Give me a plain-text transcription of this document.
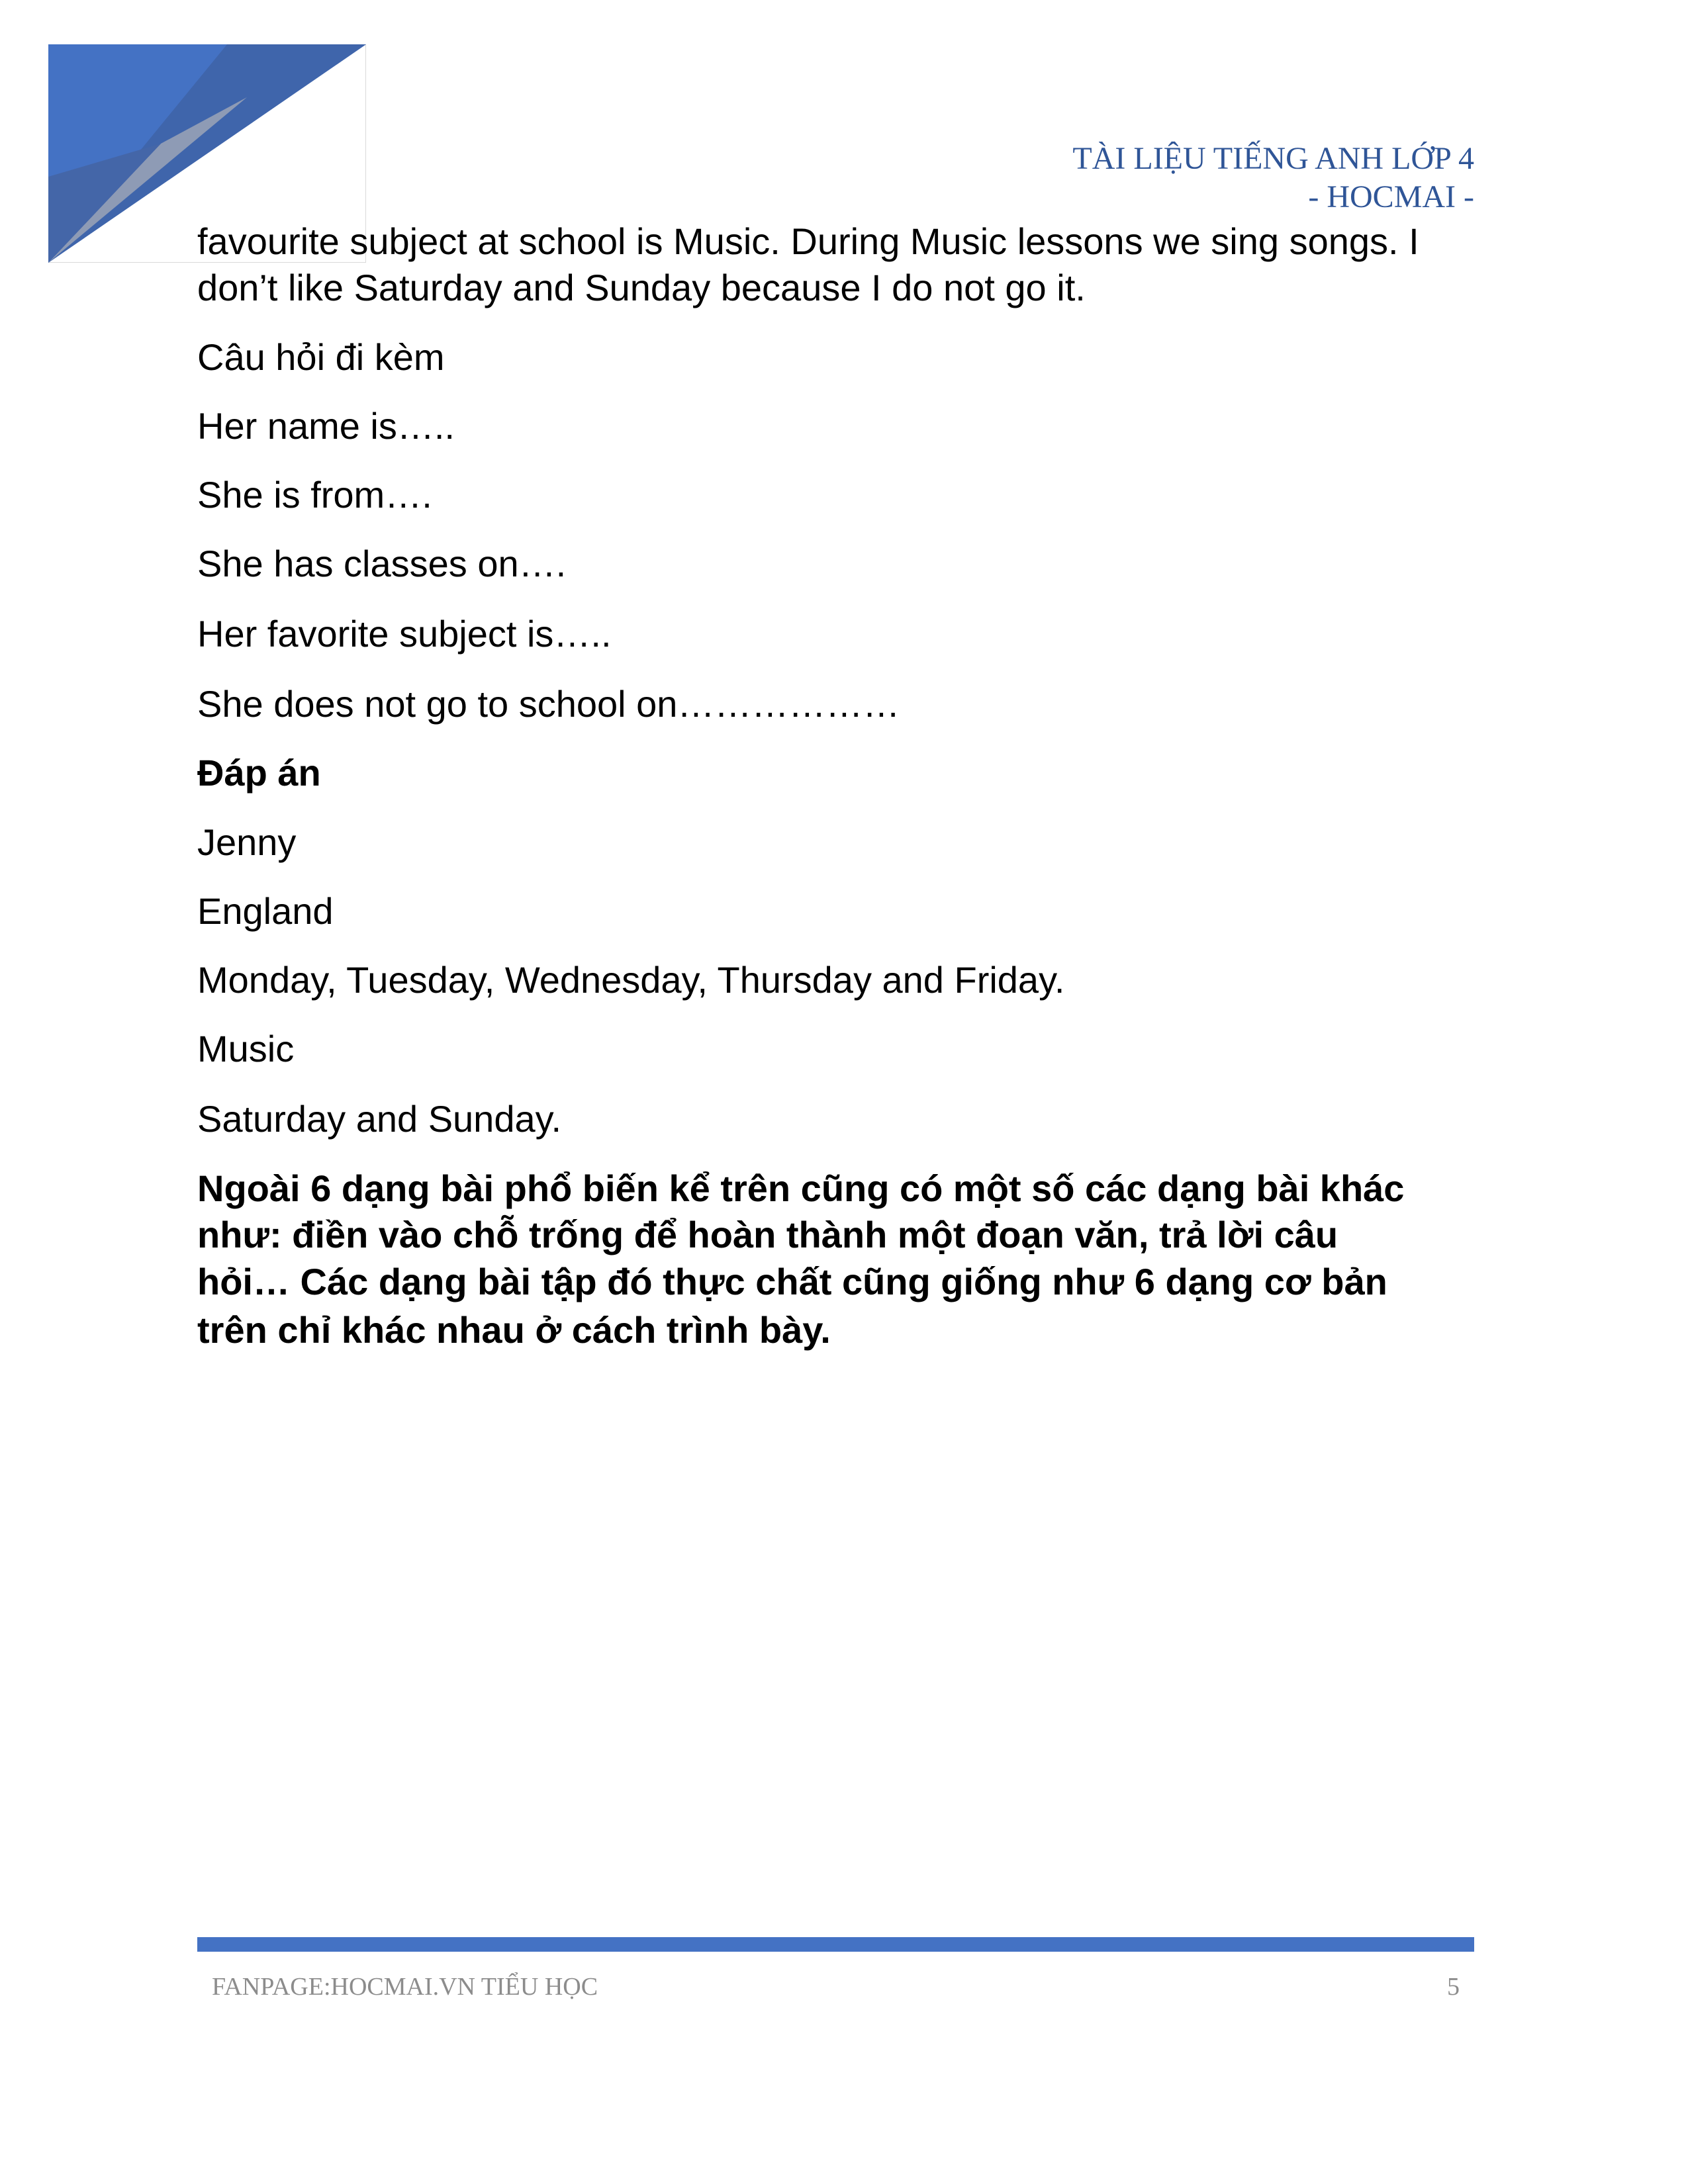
TÀI LIỆU TIẾNG ANH LỚP 4
- HOCMAI -
favourite subject at school is Music. During Music lessons we sing songs. I
don’t like Saturday and Sunday because I do not go it.
Câu hỏi đi kèm
Her name is…..
She is from….
She has classes on….
Her favorite subject is…..
She does not go to school on………………
Đáp án
Jenny
England
Monday, Tuesday, Wednesday, Thursday and Friday.
Music
Saturday and Sunday.
Ngoài 6 dạng bài phổ biến kể trên cũng có một số các dạng bài khác
như: điền vào chỗ trống để hoàn thành một đoạn văn, trả lời câu
hỏi… Các dạng bài tập đó thực chất cũng giống như 6 dạng cơ bản
trên chỉ khác nhau ở cách trình bày.
FANPAGE:HOCMAI.VN TIỂU HỌC	5
